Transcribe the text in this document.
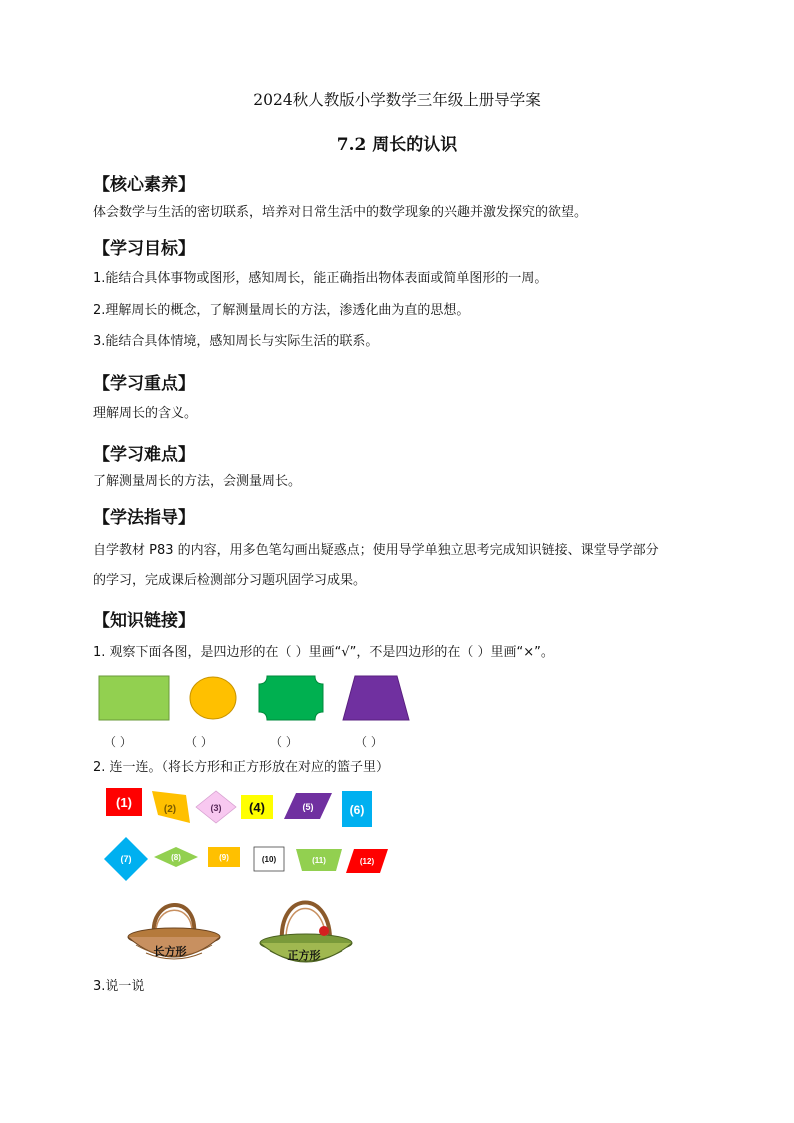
2024秋人教版小学数学三年级上册导学案
7.2 周长的认识
【核心素养】
体会数学与生活的密切联系，培养对日常生活中的数学现象的兴趣并激发探究的欲望。
【学习目标】
1.能结合具体事物或图形，感知周长，能正确指出物体表面或简单图形的一周。
2.理解周长的概念，了解测量周长的方法，渗透化曲为直的思想。
3.能结合具体情境，感知周长与实际生活的联系。
【学习重点】
理解周长的含义。
【学习难点】
了解测量周长的方法，会测量周长。
【学法指导】
自学教材 P83 的内容，用多色笔勾画出疑惑点；使用导学单独立思考完成知识链接、课堂导学部分
的学习，完成课后检测部分习题巩固学习成果。
【知识链接】
1. 观察下面各图，是四边形的在（ ）里画“√”，不是四边形的在（ ）里画“×”。
（ ）	（ ）	（ ）	（ ）
2. 连一连。（将长方形和正方形放在对应的篮子里）
(1)	(2)	(3) (4)	(5)	(6)
(7)	(8)	(9)	(10)	(11)	(12)
长方形	正方形
3.说一说
